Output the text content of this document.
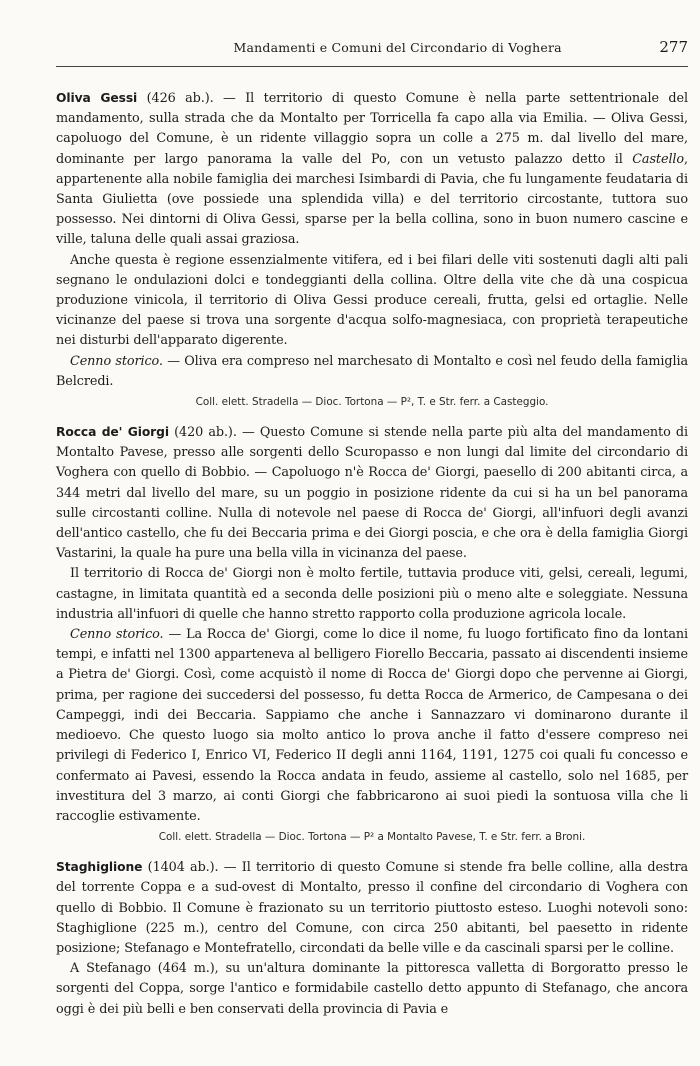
Mandamenti e Comuni del Circondario di Voghera	277

Oliva Gessi (426 ab.). — Il territorio di questo Comune è nella parte settentrionale del mandamento, sulla strada che da Montalto per Torricella fa capo alla via Emilia. — Oliva Gessi, capoluogo del Comune, è un ridente villaggio sopra un colle a 275 m. dal livello del mare, dominante per largo panorama la valle del Po, con un vetusto palazzo detto il Castello, appartenente alla nobile famiglia dei marchesi Isimbardi di Pavia, che fu lungamente feudataria di Santa Giulietta (ove possiede una splendida villa) e del territorio circostante, tuttora suo possesso. Nei dintorni di Oliva Gessi, sparse per la bella collina, sono in buon numero cascine e ville, taluna delle quali assai graziosa.

Anche questa è regione essenzialmente vitifera, ed i bei filari delle viti sostenuti dagli alti pali segnano le ondulazioni dolci e tondeggianti della collina. Oltre della vite che dà una cospicua produzione vinicola, il territorio di Oliva Gessi produce cereali, frutta, gelsi ed ortaglie. Nelle vicinanze del paese si trova una sorgente d'acqua solfo-magnesiaca, con proprietà terapeutiche nei disturbi dell'apparato digerente.

Cenno storico. — Oliva era compreso nel marchesato di Montalto e così nel feudo della famiglia Belcredi.

Coll. elett. Stradella — Dioc. Tortona — P², T. e Str. ferr. a Casteggio.

Rocca de' Giorgi (420 ab.). — Questo Comune si stende nella parte più alta del mandamento di Montalto Pavese, presso alle sorgenti dello Scuropasso e non lungi dal limite del circondario di Voghera con quello di Bobbio. — Capoluogo n'è Rocca de' Giorgi, paesello di 200 abitanti circa, a 344 metri dal livello del mare, su un poggio in posizione ridente da cui si ha un bel panorama sulle circostanti colline. Nulla di notevole nel paese di Rocca de' Giorgi, all'infuori degli avanzi dell'antico castello, che fu dei Beccaria prima e dei Giorgi poscia, e che ora è della famiglia Giorgi Vastarini, la quale ha pure una bella villa in vicinanza del paese.

Il territorio di Rocca de' Giorgi non è molto fertile, tuttavia produce viti, gelsi, cereali, legumi, castagne, in limitata quantità ed a seconda delle posizioni più o meno alte e soleggiate. Nessuna industria all'infuori di quelle che hanno stretto rapporto colla produzione agricola locale.

Cenno storico. — La Rocca de' Giorgi, come lo dice il nome, fu luogo fortificato fino da lontani tempi, e infatti nel 1300 apparteneva al belligero Fiorello Beccaria, passato ai discendenti insieme a Pietra de' Giorgi. Così, come acquistò il nome di Rocca de' Giorgi dopo che pervenne ai Giorgi, prima, per ragione dei succedersi del possesso, fu detta Rocca de Armerico, de Campesana o dei Campeggi, indi dei Beccaria. Sappiamo che anche i Sannazzaro vi dominarono durante il medioevo. Che questo luogo sia molto antico lo prova anche il fatto d'essere compreso nei privilegi di Federico I, Enrico VI, Federico II degli anni 1164, 1191, 1275 coi quali fu concesso e confermato ai Pavesi, essendo la Rocca andata in feudo, assieme al castello, solo nel 1685, per investitura del 3 marzo, ai conti Giorgi che fabbricarono ai suoi piedi la sontuosa villa che li raccoglie estivamente.

Coll. elett. Stradella — Dioc. Tortona — P² a Montalto Pavese, T. e Str. ferr. a Broni.

Staghiglione (1404 ab.). — Il territorio di questo Comune si stende fra belle colline, alla destra del torrente Coppa e a sud-ovest di Montalto, presso il confine del circondario di Voghera con quello di Bobbio. Il Comune è frazionato su un territorio piuttosto esteso. Luoghi notevoli sono: Staghiglione (225 m.), centro del Comune, con circa 250 abitanti, bel paesetto in ridente posizione; Stefanago e Montefratello, circondati da belle ville e da cascinali sparsi per le colline.

A Stefanago (464 m.), su un'altura dominante la pittoresca valletta di Borgoratto presso le sorgenti del Coppa, sorge l'antico e formidabile castello detto appunto di Stefanago, che ancora oggi è dei più belli e ben conservati della provincia di Pavia e
